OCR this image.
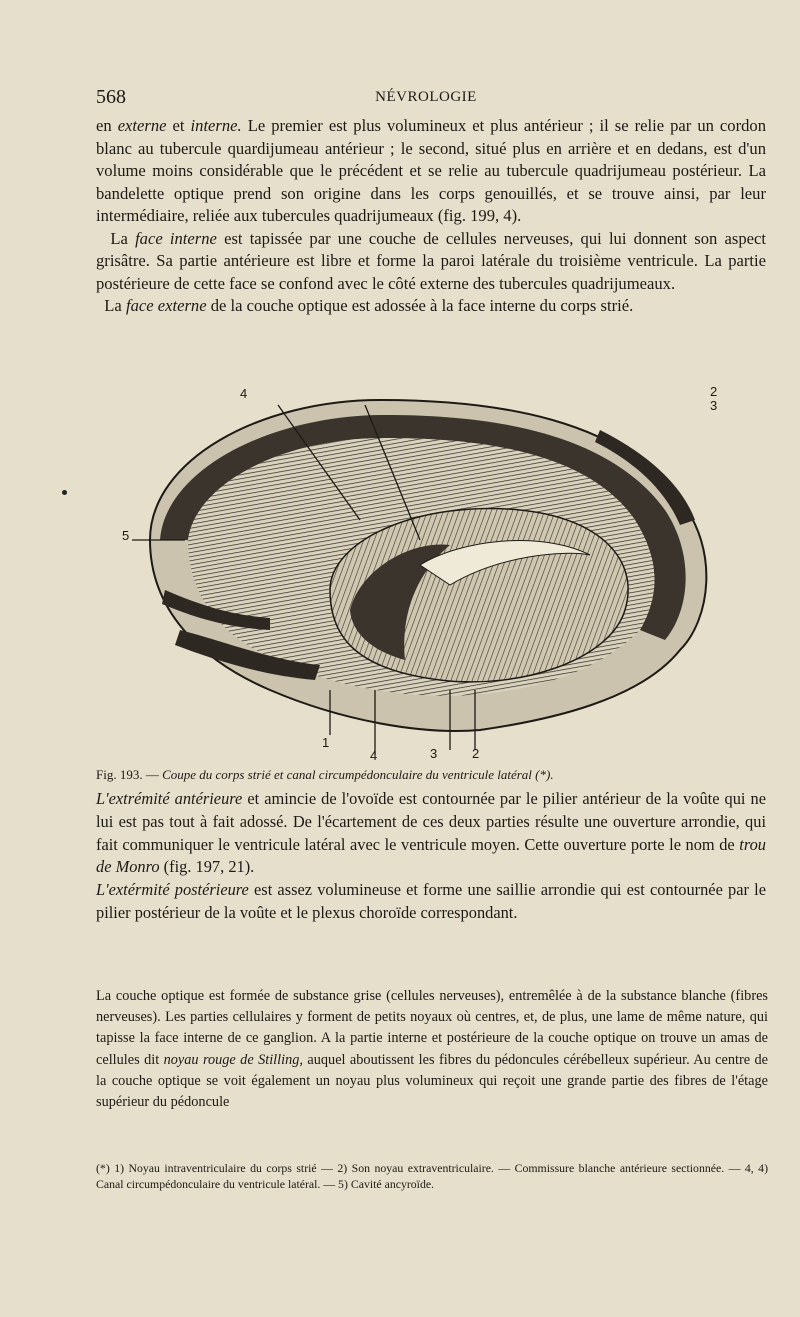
568	NÉVROLOGIE

en externe et interne. Le premier est plus volumineux et plus antérieur ; il se relie par un cordon blanc au tubercule quardijumeau antérieur ; le second, situé plus en arrière et en dedans, est d'un volume moins considérable que le précédent et se relie au tubercule quadrijumeau postérieur. La bandelette optique prend son origine dans les corps genouillés, et se trouve ainsi, par leur intermédiaire, reliée aux tubercules quadrijumeaux (fig. 199, 4).

La face interne est tapissée par une couche de cellules nerveuses, qui lui donnent son aspect grisâtre. Sa partie antérieure est libre et forme la paroi latérale du troisième ventricule. La partie postérieure de cette face se confond avec le côté externe des tubercules quadrijumeaux.

La face externe de la couche optique est adossée à la face interne du corps strié.

4	2
3
5
1
4	3	2
Fig. 193. — Coupe du corps strié et canal circumpédonculaire du ventricule latéral (*).

L'extrémité antérieure et amincie de l'ovoïde est contournée par le pilier antérieur de la voûte qui ne lui est pas tout à fait adossé. De l'écartement de ces deux parties résulte une ouverture arrondie, qui fait communiquer le ventricule latéral avec le ventricule moyen. Cette ouverture porte le nom de trou de Monro (fig. 197, 21).

L'extérmité postérieure est assez volumineuse et forme une saillie arrondie qui est contournée par le pilier postérieur de la voûte et le plexus choroïde correspondant.

La couche optique est formée de substance grise (cellules nerveuses), entremêlée à de la substance blanche (fibres nerveuses). Les parties cellulaires y forment de petits noyaux où centres, et, de plus, une lame de même nature, qui tapisse la face interne de ce ganglion. A la partie interne et postérieure de la couche optique on trouve un amas de cellules dit noyau rouge de Stilling, auquel aboutissent les fibres du pédoncules cérébelleux supérieur. Au centre de la couche optique se voit également un noyau plus volumineux qui reçoit une grande partie des fibres de l'étage supérieur du pédoncule

(*) 1) Noyau intraventriculaire du corps strié — 2) Son noyau extraventriculaire. — Commissure blanche antérieure sectionnée. — 4, 4) Canal circumpédonculaire du ventricule latéral. — 5) Cavité ancyroïde.
